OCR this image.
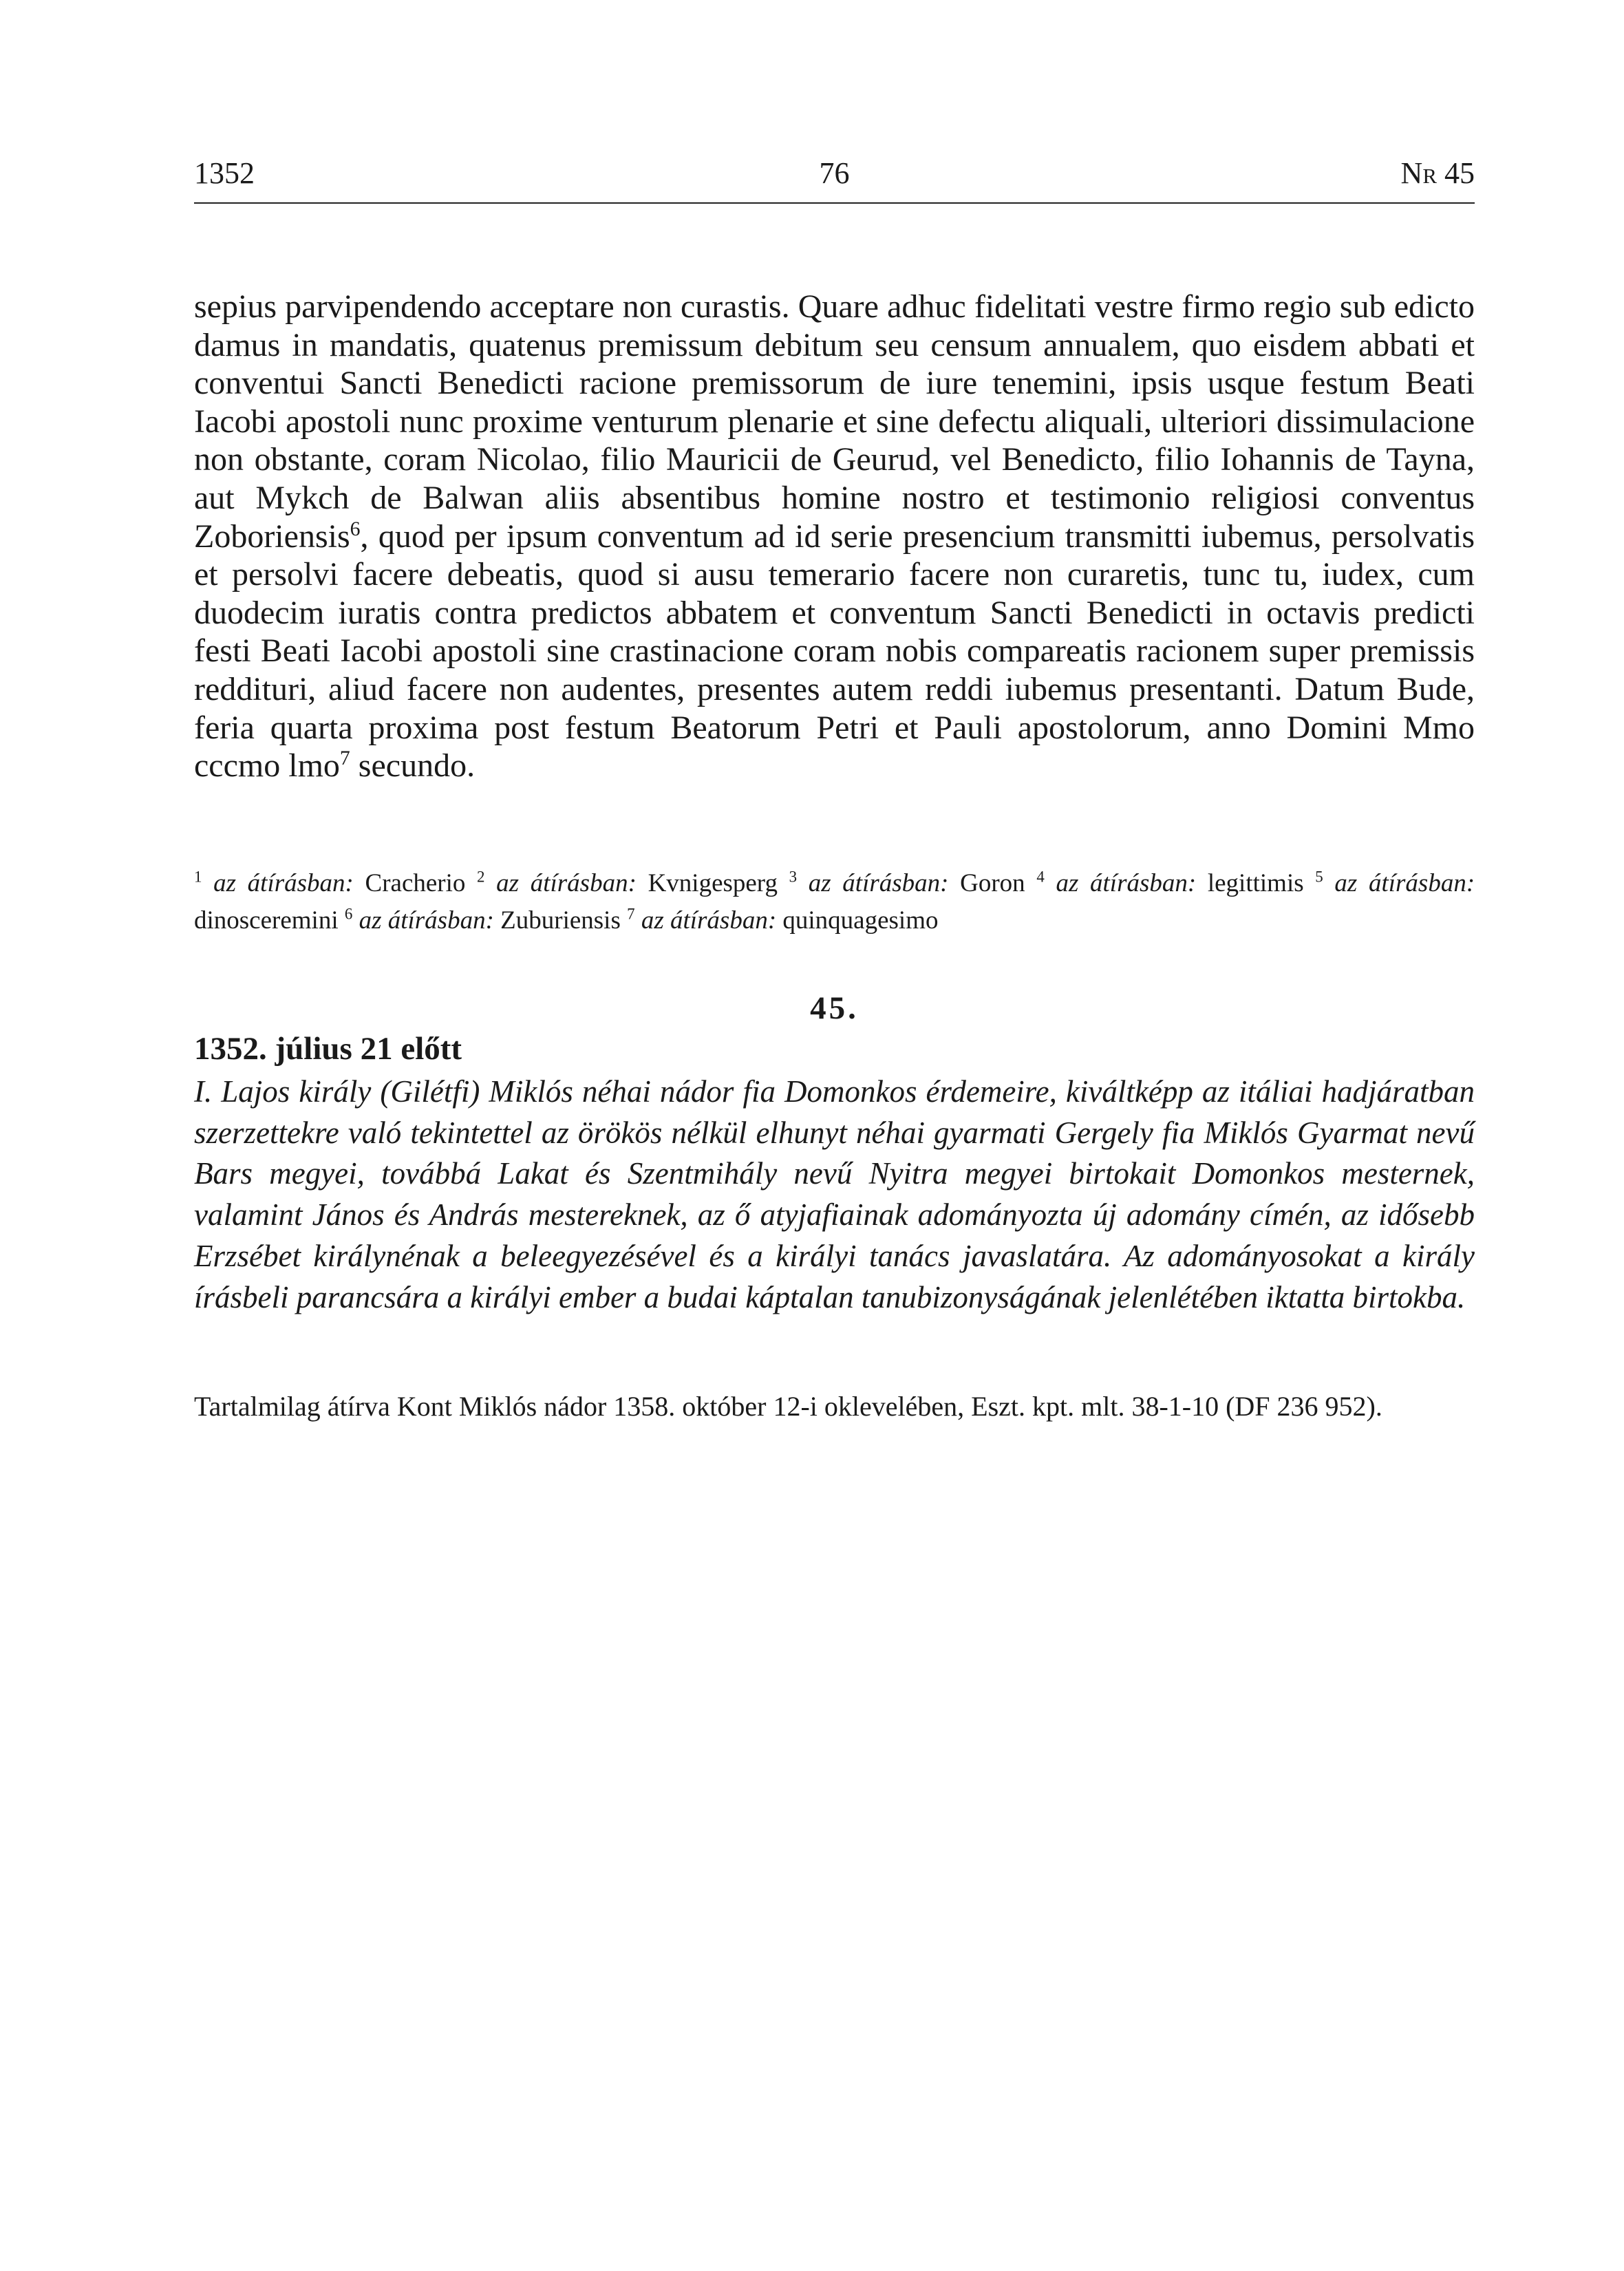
1352	76	Nr 45
sepius parvipendendo acceptare non curastis. Quare adhuc fidelitati vestre firmo regio sub edicto damus in mandatis, quatenus premissum debitum seu censum annualem, quo eisdem abbati et conventui Sancti Benedicti racione premissorum de iure tenemini, ipsis usque festum Beati Iacobi apostoli nunc proxime venturum plenarie et sine defectu aliquali, ulteriori dissimulacione non obstante, coram Nicolao, filio Mauricii de Geurud, vel Benedicto, filio Iohannis de Tayna, aut Mykch de Balwan aliis absentibus homine nostro et testimonio religiosi conventus Zoboriensis$^6$, quod per ipsum conventum ad id serie presencium transmitti iubemus, persolvatis et persolvi facere debeatis, quod si ausu temerario facere non curaretis, tunc tu, iudex, cum duodecim iuratis contra predictos abbatem et conventum Sancti Benedicti in octavis predicti festi Beati Iacobi apostoli sine crastinacione coram nobis compareatis racionem super premissis reddituri, aliud facere non audentes, presentes autem reddi iubemus presentanti. Datum Bude, feria quarta proxima post festum Beatorum Petri et Pauli apostolorum, anno Domini Mmo cccmo lmo$^7$ secundo.
$^1$ az átírásban: Cracherio $^2$ az átírásban: Kvnigesperg $^3$ az átírásban: Goron $^4$ az átírásban: legittimis $^5$ az átírásban: dinosceremini $^6$ az átírásban: Zuburiensis $^7$ az átírásban: quinquagesimo
45.
1352. július 21 előtt
I. Lajos király (Gilétfi) Miklós néhai nádor fia Domonkos érdemeire, kiváltképp az itáliai hadjáratban szerzettekre való tekintettel az örökös nélkül elhunyt néhai gyarmati Gergely fia Miklós Gyarmat nevű Bars megyei, továbbá Lakat és Szentmihály nevű Nyitra megyei birtokait Domonkos mesternek, valamint János és András mestereknek, az ő atyjafiainak adományozta új adomány címén, az idősebb Erzsébet királynénak a beleegyezésével és a királyi tanács javaslatára. Az adományosokat a király írásbeli parancsára a királyi ember a budai káptalan tanubizonyságának jelenlétében iktatta birtokba.
Tartalmilag átírva Kont Miklós nádor 1358. október 12-i oklevelében, Eszt. kpt. mlt. 38-1-10 (DF 236 952).
